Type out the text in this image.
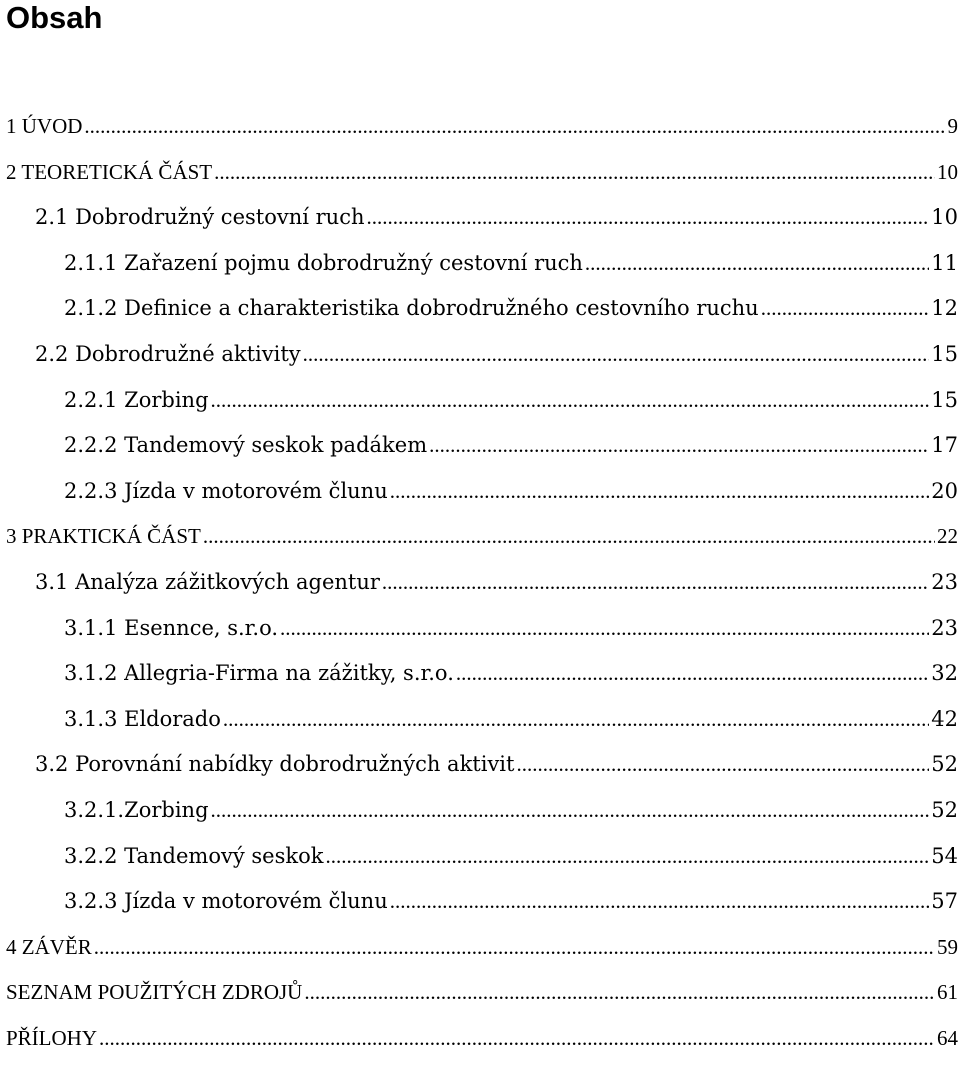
Obsah
1 ÚVOD .....	9
2 TEORETICKÁ ČÁST .....	10
2.1 Dobrodružný cestovní ruch .....	10
2.1.1 Zařazení pojmu dobrodružný cestovní ruch .....	11
2.1.2 Definice a charakteristika dobrodružného cestovního ruchu .....	12
2.2 Dobrodružné aktivity .....	15
2.2.1 Zorbing .....	15
2.2.2 Tandemový seskok padákem .....	17
2.2.3 Jízda v motorovém člunu .....	20
3 PRAKTICKÁ ČÁST .....	22
3.1 Analýza zážitkových agentur .....	23
3.1.1 Esennce, s.r.o. .....	23
3.1.2 Allegria-Firma na zážitky, s.r.o. .....	32
3.1.3 Eldorado .....	42
3.2 Porovnání nabídky dobrodružných aktivit .....	52
3.2.1.Zorbing .....	52
3.2.2 Tandemový seskok .....	54
3.2.3 Jízda v motorovém člunu .....	57
4 ZÁVĚR .....	59
SEZNAM POUŽITÝCH ZDROJŮ .....	61
PŘÍLOHY .....	64
